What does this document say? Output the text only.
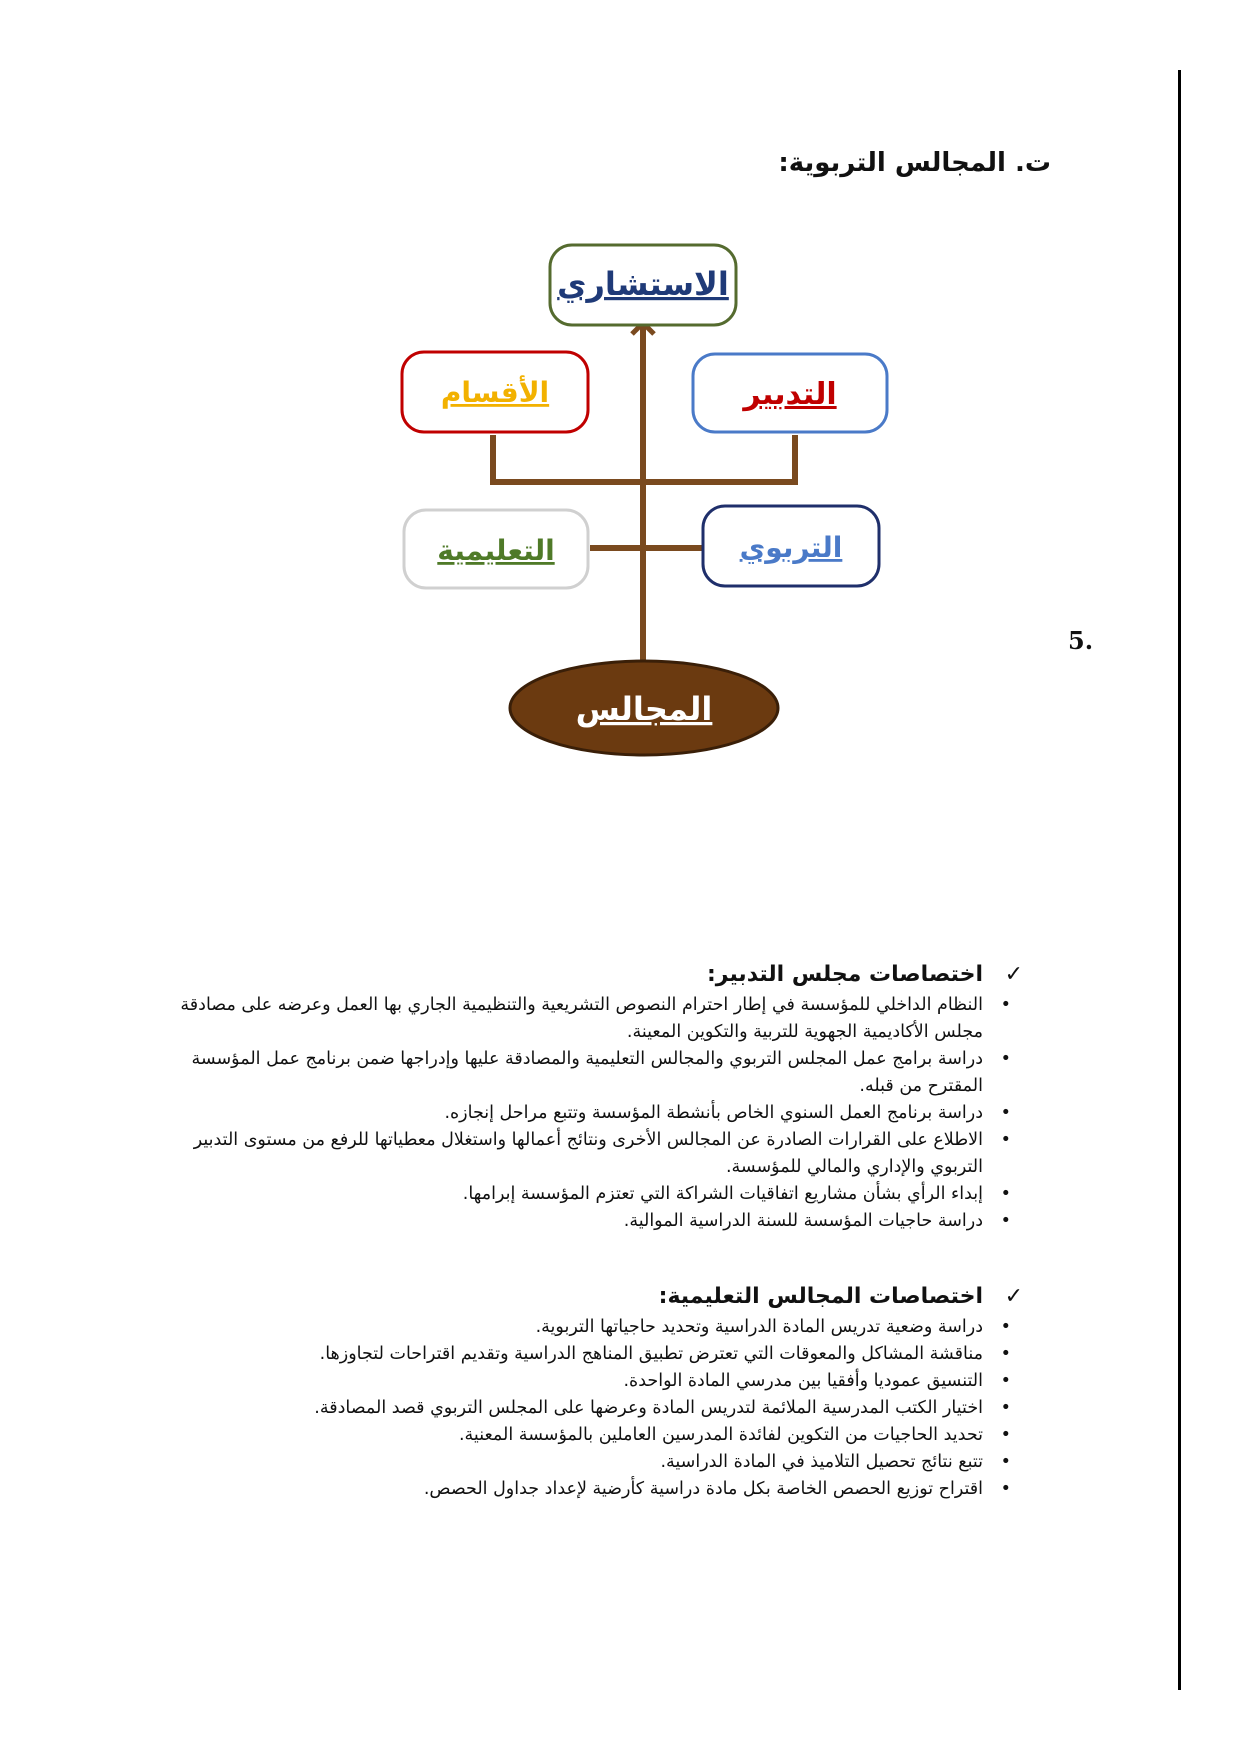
ت. المجالس التربوية:
5.
الاستشاري
الأقسام	التدبير
التعليمية	التربوي
المجالس
✓
اختصاصات مجلس التدبير:
•
النظام الداخلي للمؤسسة في إطار احترام النصوص التشريعية والتنظيمية الجاري بها العمل وعرضه على مصادقة مجلس الأكاديمية الجهوية للتربية والتكوين المعينة.
•
دراسة برامج عمل المجلس التربوي والمجالس التعليمية والمصادقة عليها وإدراجها ضمن برنامج عمل المؤسسة المقترح من قبله.
•
دراسة برنامج العمل السنوي الخاص بأنشطة المؤسسة وتتبع مراحل إنجازه.
•
الاطلاع على القرارات الصادرة عن المجالس الأخرى ونتائج أعمالها واستغلال معطياتها للرفع من مستوى التدبير التربوي والإداري والمالي للمؤسسة.
•
إبداء الرأي بشأن مشاريع اتفاقيات الشراكة التي تعتزم المؤسسة إبرامها.
•
دراسة حاجيات المؤسسة للسنة الدراسية الموالية.
✓
اختصاصات المجالس التعليمية:
•
دراسة وضعية تدريس المادة الدراسية وتحديد حاجياتها التربوية.
•
مناقشة المشاكل والمعوقات التي تعترض تطبيق المناهج الدراسية وتقديم اقتراحات لتجاوزها.
•
التنسيق عموديا وأفقيا بين مدرسي المادة الواحدة.
•
اختيار الكتب المدرسية الملائمة لتدريس المادة وعرضها على المجلس التربوي قصد المصادقة.
•
تحديد الحاجيات من التكوين لفائدة المدرسين العاملين بالمؤسسة المعنية.
•
تتبع نتائج تحصيل التلاميذ في المادة الدراسية.
•
اقتراح توزيع الحصص الخاصة بكل مادة دراسية كأرضية لإعداد جداول الحصص.
